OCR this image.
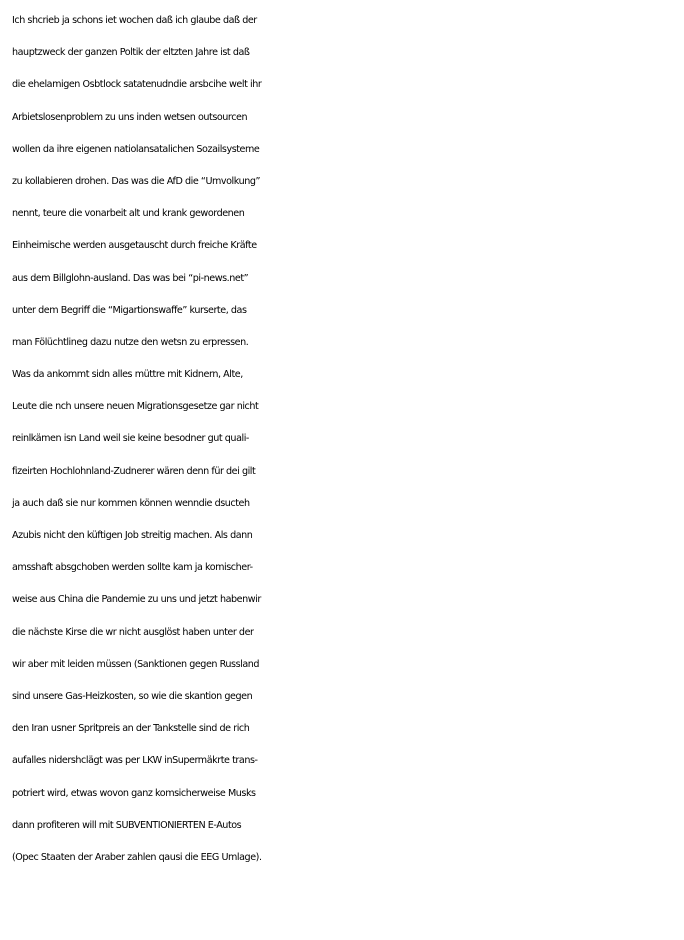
Ich shcrieb ja schons iet wochen daß ich glaube daß der
hauptzweck der ganzen Poltik der eltzten Jahre ist daß
die ehelamigen Osbtlock satatenudndie arsbcihe welt ihr
Arbietslosenproblem zu uns inden wetsen outsourcen
wollen da ihre eigenen natiolansatalichen Sozailsysteme
zu kollabieren drohen. Das was die AfD die “Umvolkung”
nennt, teure die vonarbeit alt und krank gewordenen
Einheimische werden ausgetauscht durch freiche Kräfte
aus dem Billglohn-ausland. Das was bei “pi-news.net”
unter dem Begriff die “Migartionswaffe” kurserte, das
man Fölüchtlineg dazu nutze den wetsn zu erpressen.
Was da ankommt sidn alles müttre mit Kidnern, Alte,
Leute die nch unsere neuen Migrationsgesetze gar nicht
reinlkämen isn Land weil sie keine besodner gut quali-
fizeirten Hochlohnland-Zudnerer wären denn für dei gilt
ja auch daß sie nur kommen können wenndie dsucteh
Azubis nicht den küftigen Job streitig machen. Als dann
amsshaft absgchoben werden sollte kam ja komischer-
weise aus China die Pandemie zu uns und jetzt habenwir
die nächste Kirse die wr nicht ausglöst haben unter der
wir aber mit leiden müssen (Sanktionen gegen Russland
sind unsere Gas-Heizkosten, so wie die skantion gegen
den Iran usner Spritpreis an der Tankstelle sind de rich
aufalles nidershclägt was per LKW inSupermäkrte trans-
potriert wird, etwas wovon ganz komsicherweise Musks
dann profiteren will mit SUBVENTIONIERTEN E-Autos
(Opec Staaten der Araber zahlen qausi die EEG Umlage).
